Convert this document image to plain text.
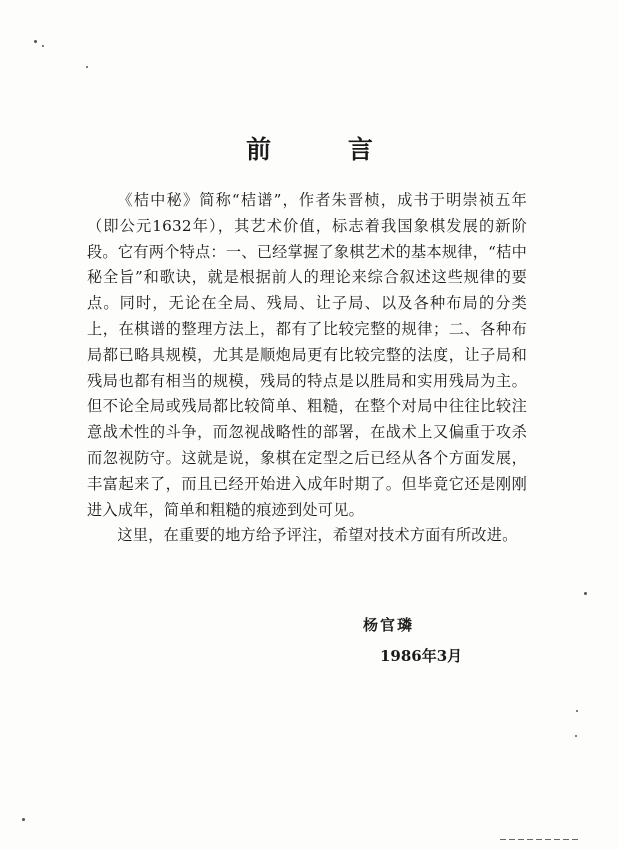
前 言

《桔中秘》简称“桔谱”，作者朱晋桢，成书于明崇祯五年（即公元1632年），其艺术价值，标志着我国象棋发展的新阶段。它有两个特点：一、已经掌握了象棋艺术的基本规律，“桔中秘全旨”和歌诀，就是根据前人的理论来综合叙述这些规律的要点。同时，无论在全局、残局、让子局、以及各种布局的分类上，在棋谱的整理方法上，都有了比较完整的规律；二、各种布局都已略具规模，尤其是顺炮局更有比较完整的法度，让子局和残局也都有相当的规模，残局的特点是以胜局和实用残局为主。但不论全局或残局都比较简单、粗糙，在整个对局中往往比较注意战术性的斗争，而忽视战略性的部署，在战术上又偏重于攻杀而忽视防守。这就是说，象棋在定型之后已经从各个方面发展，丰富起来了，而且已经开始进入成年时期了。但毕竟它还是刚刚进入成年，简单和粗糙的痕迹到处可见。

这里，在重要的地方给予评注，希望对技术方面有所改进。

杨官璘
1986年3月
